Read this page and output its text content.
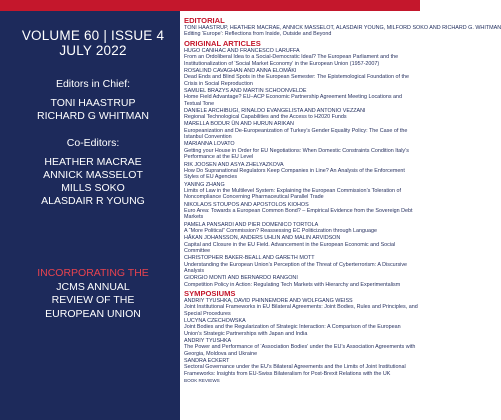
VOLUME 60 | ISSUE 4
JULY 2022
Editors in Chief:
TONI HAASTRUP
RICHARD G WHITMAN
Co-Editors:
HEATHER MACRAE
ANNICK MASSELOT
MILLS SOKO
ALASDAIR R YOUNG
INCORPORATING THE
JCMS ANNUAL
REVIEW OF THE
EUROPEAN UNION
EDITORIAL
TONI HAASTRUP, HEATHER MACRAE, ANNICK MASSELOT, ALASDAIR YOUNG, MILFORD SOKO AND RICHARD G. WHITMAN
Editing ‘Europe’: Reflections from Inside, Outside and Beyond
ORIGINAL ARTICLES
HUGO CANIHAC AND FRANCESCO LARUFFA
From an Ordoliberal Idea to a Social-Democratic Ideal? The European Parliament and the Institutionalization of ‘Social Market Economy’ in the European Union (1957-2007)
ROSALIND CAVAGHAN AND ANNA ELOMÄKI
Dead Ends and Blind Spots in the European Semester: The Epistemological Foundation of the Crisis in Social Reproduction
SAMUEL BRAZYS AND MARTIN SCHOONVELDE
Home Field Advantage? EU–ACP Economic Partnership Agreement Meeting Locations and Textual Tone
DANIELE ARCHIBUGI, RINALDO EVANGELISTA AND ANTONIO VEZZANI
Regional Technological Capabilities and the Access to H2020 Funds
MARELLA BODUR ÜN AND HURUN ARIKAN
Europeanization and De-Europeanization of Turkey’s Gender Equality Policy: The Case of the Istanbul Convention
MARIANNA LOVATO
Getting your House in Order for EU Negotiations: When Domestic Constraints Condition Italy’s Performance at the EU Level
RIK JOOSEN AND ASYA ZHELYAZKOVA
How Do Supranational Regulators Keep Companies in Line? An Analysis of the Enforcement Styles of EU Agencies
YANING ZHANG
Limits of Law in the Multilevel System: Explaining the European Commission’s Toleration of Noncompliance Concerning Pharmaceutical Parallel Trade
NIKOLAOS STOUPOS AND APOSTOLOS KIOHOS
Euro Area: Towards a European Common Bond? – Empirical Evidence from the Sovereign Debt Markets
PAMELA PANSARDI AND PIER DOMENICO TORTOLA
A “More Political” Commission? Reassessing EC Politicization through Language
HÅKAN JOHANSSON, ANDERS UHLIN AND MALIN ARVIDSON
Capital and Closure in the EU Field. Advancement in the European Economic and Social Committee
CHRISTOPHER BAKER-BEALL AND GARETH MOTT
Understanding the European Union’s Perception of the Threat of Cyberterrorism: A Discursive Analysis
GIORGIO MONTI AND BERNARDO RANGONI
Competition Policy in Action: Regulating Tech Markets with Hierarchy and Experimentalism
SYMPOSIUMS
ANDRIY TYUSHKA, DAVID PHINNEMORE AND WOLFGANG WEISS
Joint Institutional Frameworks in EU Bilateral Agreements: Joint Bodies, Rules and Principles, and Special Procedures
LUCYNA CZECHOWSKA
Joint Bodies and the Regularization of Strategic Interaction: A Comparison of the European Union’s Strategic Partnerships with Japan and India
ANDRIY TYUSHKA
The Power and Performance of ‘Association Bodies’ under the EU’s Association Agreements with Georgia, Moldova and Ukraine
SANDRA ECKERT
Sectoral Governance under the EU’s Bilateral Agreements and the Limits of Joint Institutional Frameworks: Insights from EU-Swiss Bilateralism for Post-Brexit Relations with the UK
BOOK REVIEWS
